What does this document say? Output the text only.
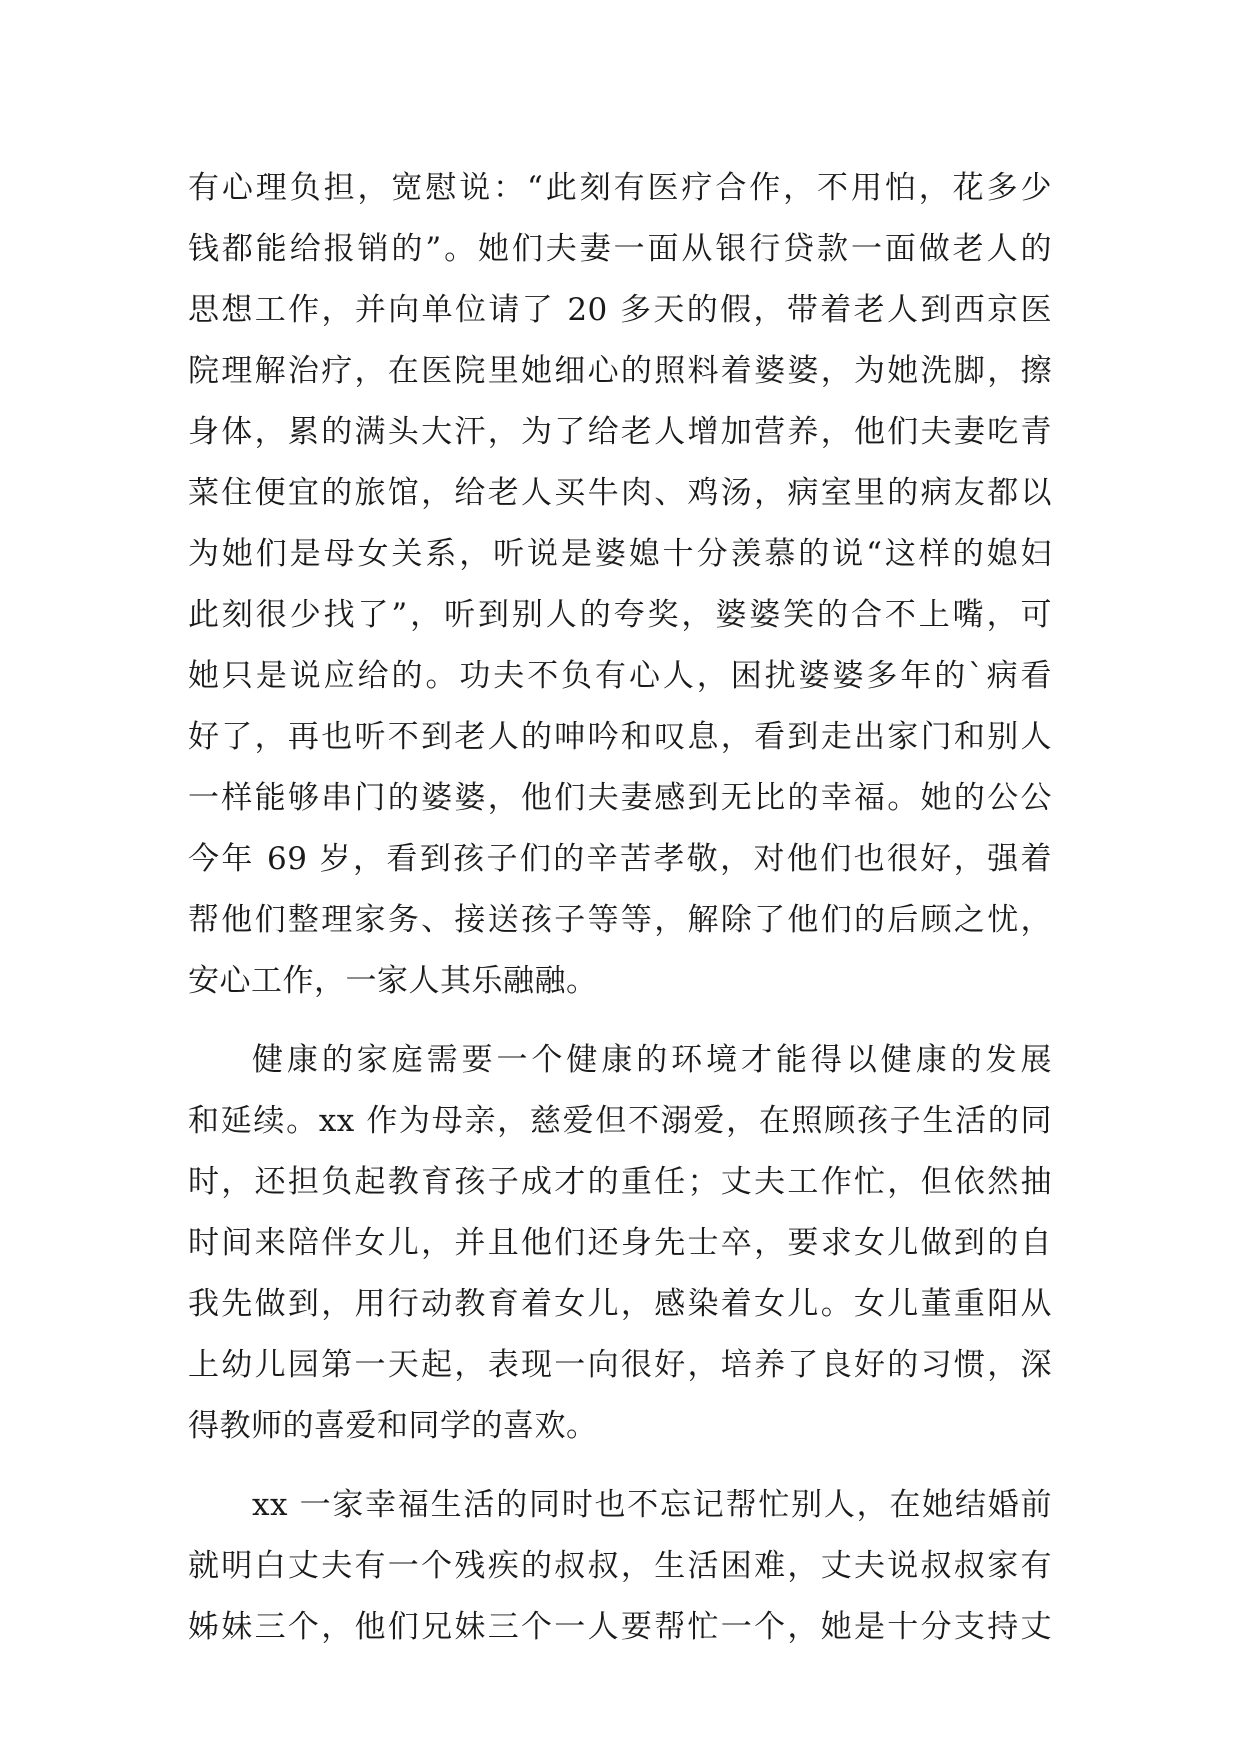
有心理负担，宽慰说：“此刻有医疗合作，不用怕，花多少
钱都能给报销的”。她们夫妻一面从银行贷款一面做老人的
思想工作，并向单位请了 20 多天的假，带着老人到西京医
院理解治疗，在医院里她细心的照料着婆婆，为她洗脚，擦
身体，累的满头大汗，为了给老人增加营养，他们夫妻吃青
菜住便宜的旅馆，给老人买牛肉、鸡汤，病室里的病友都以
为她们是母女关系，听说是婆媳十分羡慕的说“这样的媳妇
此刻很少找了”，听到别人的夸奖，婆婆笑的合不上嘴，可
她只是说应给的。功夫不负有心人，困扰婆婆多年的`病看
好了，再也听不到老人的呻吟和叹息，看到走出家门和别人
一样能够串门的婆婆，他们夫妻感到无比的幸福。她的公公
今年 69 岁，看到孩子们的辛苦孝敬，对他们也很好，强着
帮他们整理家务、接送孩子等等，解除了他们的后顾之忧，
安心工作，一家人其乐融融。
健康的家庭需要一个健康的环境才能得以健康的发展
和延续。xx 作为母亲，慈爱但不溺爱，在照顾孩子生活的同
时，还担负起教育孩子成才的重任；丈夫工作忙，但依然抽
时间来陪伴女儿，并且他们还身先士卒，要求女儿做到的自
我先做到，用行动教育着女儿，感染着女儿。女儿董重阳从
上幼儿园第一天起，表现一向很好，培养了良好的习惯，深
得教师的喜爱和同学的喜欢。
xx 一家幸福生活的同时也不忘记帮忙别人，在她结婚前
就明白丈夫有一个残疾的叔叔，生活困难，丈夫说叔叔家有
姊妹三个，他们兄妹三个一人要帮忙一个，她是十分支持丈
